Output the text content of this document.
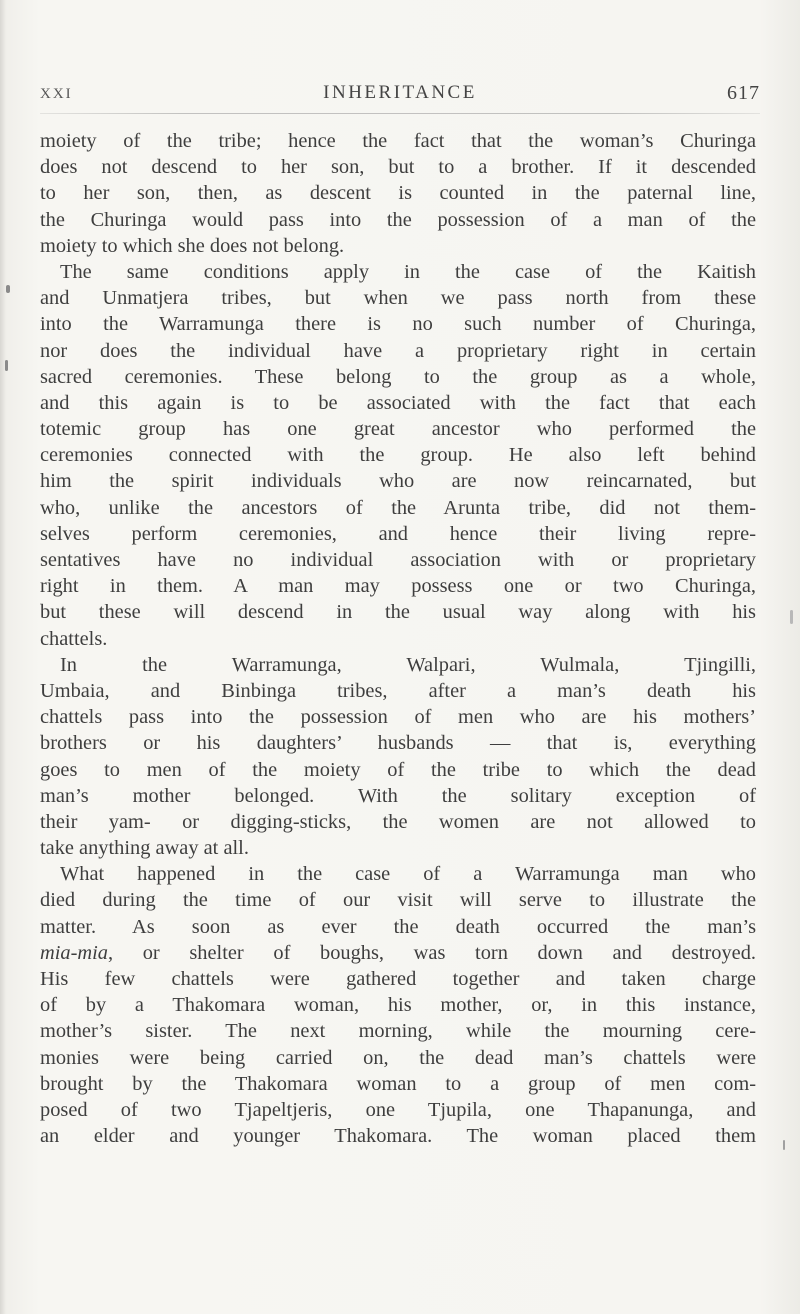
XXI	INHERITANCE	617
moiety of the tribe; hence the fact that the woman’s Churinga
does not descend to her son, but to a brother. If it descended
to her son, then, as descent is counted in the paternal line,
the Churinga would pass into the possession of a man of the
moiety to which she does not belong.
The same conditions apply in the case of the Kaitish
and Unmatjera tribes, but when we pass north from these
into the Warramunga there is no such number of Churinga,
nor does the individual have a proprietary right in certain
sacred ceremonies. These belong to the group as a whole,
and this again is to be associated with the fact that each
totemic group has one great ancestor who performed the
ceremonies connected with the group. He also left behind
him the spirit individuals who are now reincarnated, but
who, unlike the ancestors of the Arunta tribe, did not them-
selves perform ceremonies, and hence their living repre-
sentatives have no individual association with or proprietary
right in them. A man may possess one or two Churinga,
but these will descend in the usual way along with his
chattels.
In the Warramunga, Walpari, Wulmala, Tjingilli,
Umbaia, and Binbinga tribes, after a man’s death his
chattels pass into the possession of men who are his mothers’
brothers or his daughters’ husbands — that is, everything
goes to men of the moiety of the tribe to which the dead
man’s mother belonged. With the solitary exception of
their yam- or digging-sticks, the women are not allowed to
take anything away at all.
What happened in the case of a Warramunga man who
died during the time of our visit will serve to illustrate the
matter. As soon as ever the death occurred the man’s
mia-mia, or shelter of boughs, was torn down and destroyed.
His few chattels were gathered together and taken charge
of by a Thakomara woman, his mother, or, in this instance,
mother’s sister. The next morning, while the mourning cere-
monies were being carried on, the dead man’s chattels were
brought by the Thakomara woman to a group of men com-
posed of two Tjapeltjeris, one Tjupila, one Thapanunga, and
an elder and younger Thakomara. The woman placed them
